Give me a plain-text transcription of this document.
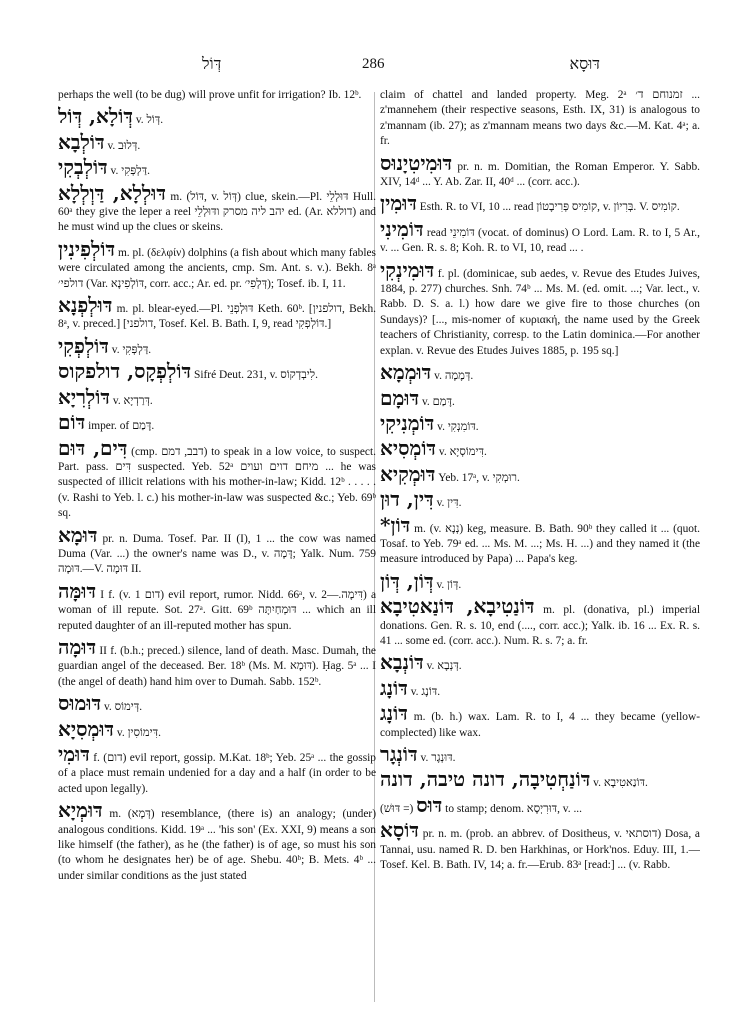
דְּוֹל	286	דּוּסָא
perhaps the well (to be dug) will prove unfit for irrigation? Ib. 12ᵇ.
דְּוֹלָא, דְּוֹל v. דְּוֹל.
דּוֹלְבָא v. דְּלוּב.
דּוֹלְבְקִי v. דַּלְפְּקִי.
דּוּלְלָא, דַּוְלְלָא m. (דּוֹל, v. דְּוֹל) clue, skein.—Pl. דּוּלְלֵי Hull. 60ᵃ they give the leper a reel יהב ליה מסרק ודּוּלְלֵי ed. (Ar. דוללא) and he must wind up the clues or skeins.
דּוֹלְפִינִין m. pl. (δελφίν) dolphins (a fish about which many fables were circulated among the ancients, cmp. Sm. Ant. s. v.). Bekh. 8ᵃ דולפי׳ (Var. דּוֹלְפִינָא, corr. acc.; Ar. ed. pr. דְּלְפִי׳); Tosef. ib. I, 11.
דּוּלְפְנָא m. pl. blear-eyed.—Pl. דּוּלְפְנֵי Keth. 60ᵇ. [דולפנין, Bekh. 8ᵃ, v. preced.] [דולפני, Tosef. Kel. B. Bath. I, 9, read דּוֹלְפְקִי.]
דּוֹלְפְקִי v. דַּלְפְּקִי.
דּוֹלְפְקָס, דולפקוס Sifré Deut. 231, v. לִיבְדְקוֹס.
דּוֹלְרִיָא v. דְּרַדְיָא.
דּוֹם imper. of דָּמַם.
דִּים, דּוּם (cmp. דבב, דמם) to speak in a low voice, to suspect. Part. pass. דִּים suspected. Yeb. 52ᵃ מיחם דוים ועוים ... he was suspected of illicit relations with his mother-in-law; Kidd. 12ᵇ . . . . . (v. Rashi to Yeb. l. c.) his mother-in-law was suspected &c.; Yeb. 69ᵇ sq.
דּוּמָא pr. n. Duma. Tosef. Par. II (I), 1 ... the cow was named Duma (Var. ...) the owner's name was D., v. דָּמָה; Yalk. Num. 759 דּוּמָה.—V. דּוּמָה II.
דּוּמָּה I f. (v. דום 1) evil report, rumor. Nidd. 66ᵃ, v. דִּימָה.—2) a woman of ill repute. Sot. 27ᵃ. Gitt. 69ᵇ דּוּמְחַיִתָּה ... which an ill reputed daughter of an ill-reputed mother has spun.
דּוּמָה II f. (b.h.; preced.) silence, land of death. Masc. Dumah, the guardian angel of the deceased. Ber. 18ᵇ (Ms. M. דּוּמָא). Ḥag. 5ᵃ ... I (the angel of death) hand him over to Dumah. Sabb. 152ᵇ.
דּוּמוּס v. דְּימוֹס.
דּוּמְסִיָא v. דִּימוֹסִין.
דּוּמִי f. (דום) evil report, gossip. M.Kat. 18ᵇ; Yeb. 25ᵃ ... the gossip of a place must remain undenied for a day and a half (in order to be acted upon legally).
דּוּמְיָא m. (דְּמָא) resemblance, (there is) an analogy; (under) analogous conditions. Kidd. 19ᵃ ... 'his son' (Ex. XXI, 9) means a son like himself (the father), as he (the father) is of age, so must his son (to whom he designates her) be of age. Shebu. 40ᵇ; B. Mets. 4ᵇ ... under similar conditions as the just stated
claim of chattel and landed property. Meg. 2ᵃ זמנוחם ד׳ ... z'mannehem (their respective seasons, Esth. IX, 31) is analogous to z'mannam (ib. 27); as z'mannam means two days &c.—M. Kat. 4ᵃ; a. fr.
דּוּמִיטִיָנוּס pr. n. m. Domitian, the Roman Emperor. Y. Sabb. XIV, 14ᵈ ... Y. Ab. Zar. II, 40ᵈ ... (corr. acc.).
דּוּמִין Esth. R. to VI, 10 ... read קוֹמִיס פְּרִיבָטוֹן, v. בְּרִיוֹן. V. קוֹמִיס.
דּוֹמִינִי read דּוֹמִינֵי (vocat. of dominus) O Lord. Lam. R. to I, 5 Ar., v. ... Gen. R. s. 8; Koh. R. to VI, 10, read ... .
דּוּמִינְקִי f. pl. (dominicae, sub aedes, v. Revue des Etudes Juives, 1884, p. 277) churches. Snh. 74ᵇ ... Ms. M. (ed. omit. ...; Var. lect., v. Rabb. D. S. a. l.) how dare we give fire to those churches (on Sundays)? [..., mis-nomer of κυριακή, the name used by the Greek teachers of Christianity, corresp. to the Latin dominica.—For another explan. v. Revue des Etudes Juives 1885, p. 195 sq.]
דּוּמְמָא v. דְּמָמָה.
דּוּמָם v. דָּמַם.
דּוֹמְנִיקִי v. דּוֹמִנְקִי.
דּוֹמְסִיא v. דִּימוֹסְיָא.
דּוּמְקִיא Yeb. 17ᵃ, v. רוּמְקִי.
דִּין, דוּן v. דִּין.
*דּוֹן m. (v. נְנָא) keg, measure. B. Bath. 90ᵇ they called it ... (quot. Tosaf. to Yeb. 79ᵃ ed. ... Ms. M. ...; Ms. H. ...) and they named it (the measure introduced by Papa) ... Papa's keg.
דְּוֹן, דְּוֹן v. דְּוֹן.
דּוֹנַטִיבָא, דּוֹנַאטִיבָא m. pl. (donativa, pl.) imperial donations. Gen. R. s. 10, end (...., corr. acc.); Yalk. ib. 16 ... Ex. R. s. 41 ... some ed. (corr. acc.). Num. R. s. 7; a. fr.
דּוֹנְבָא v. דְּנְבָא.
דּוֹנָג v. דּוֹנָג.
דּוֹנָג m. (b. h.) wax. Lam. R. to I, 4 ... they became (yellow-complected) like wax.
דּוֹנְגָר v. דּוּנְגָר.
דּוֹנַחְטִיבָה, דונה טיבה, דונה v. דּוֹנַאטִיבָא.
דּוּס (= דּוּשׁ) to stamp; denom. דּוּרִיְסָא, v. ...
דּוֹסָא pr. n. m. (prob. an abbrev. of Dositheus, v. דוסתאי) Dosa, a Tannai, usu. named R. D. ben Harkhinas, or Hork'nos. Eduy. III, 1.—Tosef. Kel. B. Bath. IV, 14; a. fr.—Erub. 83ᵃ [read:] ... (v. Rabb.
